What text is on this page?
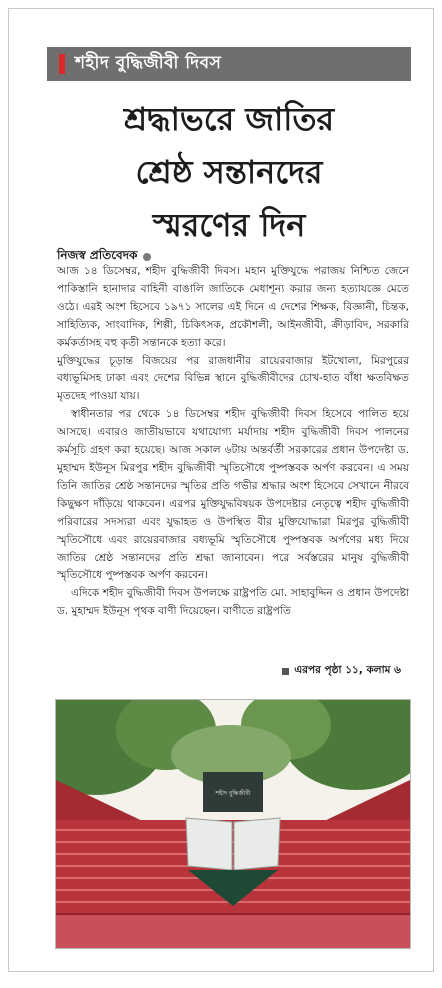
শহীদ বুদ্ধিজীবী দিবস
শ্রদ্ধাভরে জাতির
শ্রেষ্ঠ সন্তানদের
স্মরণের দিন
নিজস্ব প্রতিবেদক

আজ ১৪ ডিসেম্বর, শহীদ বুদ্ধিজীবী দিবস। মহান মুক্তিযুদ্ধে পরাজয় নিশ্চিত জেনে পাকিস্তানি হানাদার বাহিনী বাঙালি জাতিকে মেধাশূন্য করার জন্য হত্যাযজ্ঞে মেতে ওঠে। এরই অংশ হিসেবে ১৯৭১ সালের এই দিনে এ দেশের শিক্ষক, বিজ্ঞানী, চিন্তক, সাহিত্যিক, সাংবাদিক, শিল্পী, চিকিৎসক, প্রকৌশলী, আইনজীবী, ক্রীড়াবিদ, সরকারি কর্মকর্তাসহ বহু কৃতী সন্তানকে হত্যা করে।

মুক্তিযুদ্ধের চূড়ান্ত বিজয়ের পর রাজধানীর রায়েরবাজার ইটখোলা, মিরপুরের বধ্যভূমিসহ ঢাকা এবং দেশের বিভিন্ন স্থানে বুদ্ধিজীবীদের চোখ-হাত বাঁধা ক্ষতবিক্ষত মৃতদেহ পাওয়া যায়।

স্বাধীনতার পর থেকে ১৪ ডিসেম্বর শহীদ বুদ্ধিজীবী দিবস হিসেবে পালিত হয়ে আসছে। এবারও জাতীয়ভাবে যথাযোগ্য মর্যাদায় শহীদ বুদ্ধিজীবী দিবস পালনের কর্মসূচি গ্রহণ করা হয়েছে। আজ সকাল ৬টায় অন্তর্বর্তী সরকারের প্রধান উপদেষ্টা ড. মুহাম্মদ ইউনূস মিরপুর শহীদ বুদ্ধিজীবী স্মৃতিসৌধে পুষ্পস্তবক অর্পণ করবেন। এ সময় তিনি জাতির শ্রেষ্ঠ সন্তানদের স্মৃতির প্রতি গভীর শ্রদ্ধার অংশ হিসেবে সেখানে নীরবে কিছুক্ষণ দাঁড়িয়ে থাকবেন। এরপর মুক্তিযুদ্ধবিষয়ক উপদেষ্টার নেতৃত্বে শহীদ বুদ্ধিজীবী পরিবারের সদস্যরা এবং যুদ্ধাহত ও উপস্থিত বীর মুক্তিযোদ্ধারা মিরপুর বুদ্ধিজীবী স্মৃতিসৌধে এবং রায়েরবাজার বধ্যভূমি স্মৃতিসৌধে পুষ্পস্তবক অর্পণের মধ্য দিয়ে জাতির শ্রেষ্ঠ সন্তানদের প্রতি শ্রদ্ধা জানাবেন। পরে সর্বস্তরের মানুষ বুদ্ধিজীবী স্মৃতিসৌধে পুষ্পস্তবক অর্পণ করবেন।

এদিকে শহীদ বুদ্ধিজীবী দিবস উপলক্ষে রাষ্ট্রপতি মো. সাহাবুদ্দিন ও প্রধান উপদেষ্টা ড. মুহাম্মদ ইউনূস পৃথক বাণী দিয়েছেন। বাণীতে রাষ্ট্রপতি

এরপর পৃষ্ঠা ১১, কলাম ৬
শহীদ বুদ্ধিজীবী
